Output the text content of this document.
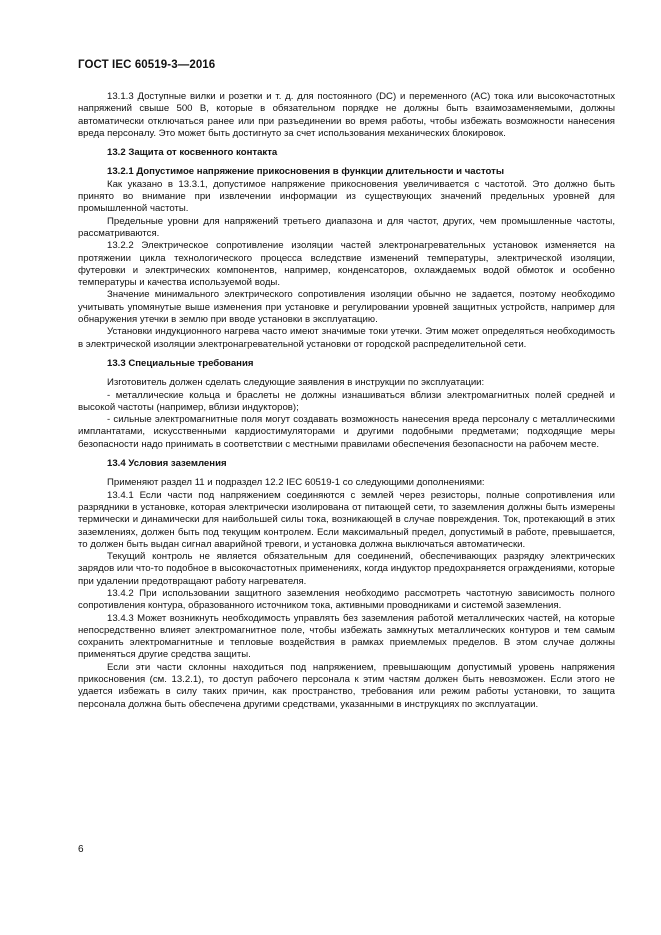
ГОСТ IEC 60519-3—2016

13.1.3 Доступные вилки и розетки и т. д. для постоянного (DC) и переменного (AC) тока или высокочастотных напряжений свыше 500 В, которые в обязательном порядке не должны быть взаимозаменяемыми, должны автоматически отключаться ранее или при разъединении во время работы, чтобы избежать возможности нанесения вреда персоналу. Это может быть достигнуто за счет использования механических блокировок.

13.2 Защита от косвенного контакта

13.2.1 Допустимое напряжение прикосновения в функции длительности и частоты

Как указано в 13.3.1, допустимое напряжение прикосновения увеличивается с частотой. Это должно быть принято во внимание при извлечении информации из существующих значений предельных уровней для промышленной частоты.

Предельные уровни для напряжений третьего диапазона и для частот, других, чем промышленные частоты, рассматриваются.

13.2.2 Электрическое сопротивление изоляции частей электронагревательных установок изменяется на протяжении цикла технологического процесса вследствие изменений температуры, электрической изоляции, футеровки и электрических компонентов, например, конденсаторов, охлаждаемых водой обмоток и особенно температуры и качества используемой воды.

Значение минимального электрического сопротивления изоляции обычно не задается, поэтому необходимо учитывать упомянутые выше изменения при установке и регулировании уровней защитных устройств, например для обнаружения утечки в землю при вводе установки в эксплуатацию.

Установки индукционного нагрева часто имеют значимые токи утечки. Этим может определяться необходимость в электрической изоляции электронагревательной установки от городской распределительной сети.

13.3 Специальные требования

Изготовитель должен сделать следующие заявления в инструкции по эксплуатации:

- металлические кольца и браслеты не должны изнашиваться вблизи электромагнитных полей средней и высокой частоты (например, вблизи индукторов);

- сильные электромагнитные поля могут создавать возможность нанесения вреда персоналу с металлическими имплантатами, искусственными кардиостимуляторами и другими подобными предметами; подходящие меры безопасности надо принимать в соответствии с местными правилами обеспечения безопасности на рабочем месте.

13.4 Условия заземления

Применяют раздел 11 и подраздел 12.2 IEC 60519-1 со следующими дополнениями:

13.4.1 Если части под напряжением соединяются с землей через резисторы, полные сопротивления или разрядники в установке, которая электрически изолирована от питающей сети, то заземления должны быть измерены термически и динамически для наибольшей силы тока, возникающей в случае повреждения. Ток, протекающий в этих заземлениях, должен быть под текущим контролем. Если максимальный предел, допустимый в работе, превышается, то должен быть выдан сигнал аварийной тревоги, и установка должна выключаться автоматически.

Текущий контроль не является обязательным для соединений, обеспечивающих разрядку электрических зарядов или что-то подобное в высокочастотных применениях, когда индуктор предохраняется ограждениями, которые при удалении предотвращают работу нагревателя.

13.4.2 При использовании защитного заземления необходимо рассмотреть частотную зависимость полного сопротивления контура, образованного источником тока, активными проводниками и системой заземления.

13.4.3 Может возникнуть необходимость управлять без заземления работой металлических частей, на которые непосредственно влияет электромагнитное поле, чтобы избежать замкнутых металлических контуров и тем самым сохранить электромагнитные и тепловые воздействия в рамках приемлемых пределов. В этом случае должны применяться другие средства защиты.

Если эти части склонны находиться под напряжением, превышающим допустимый уровень напряжения прикосновения (см. 13.2.1), то доступ рабочего персонала к этим частям должен быть невозможен. Если этого не удается избежать в силу таких причин, как пространство, требования или режим работы установки, то защита персонала должна быть обеспечена другими средствами, указанными в инструкциях по эксплуатации.

6
